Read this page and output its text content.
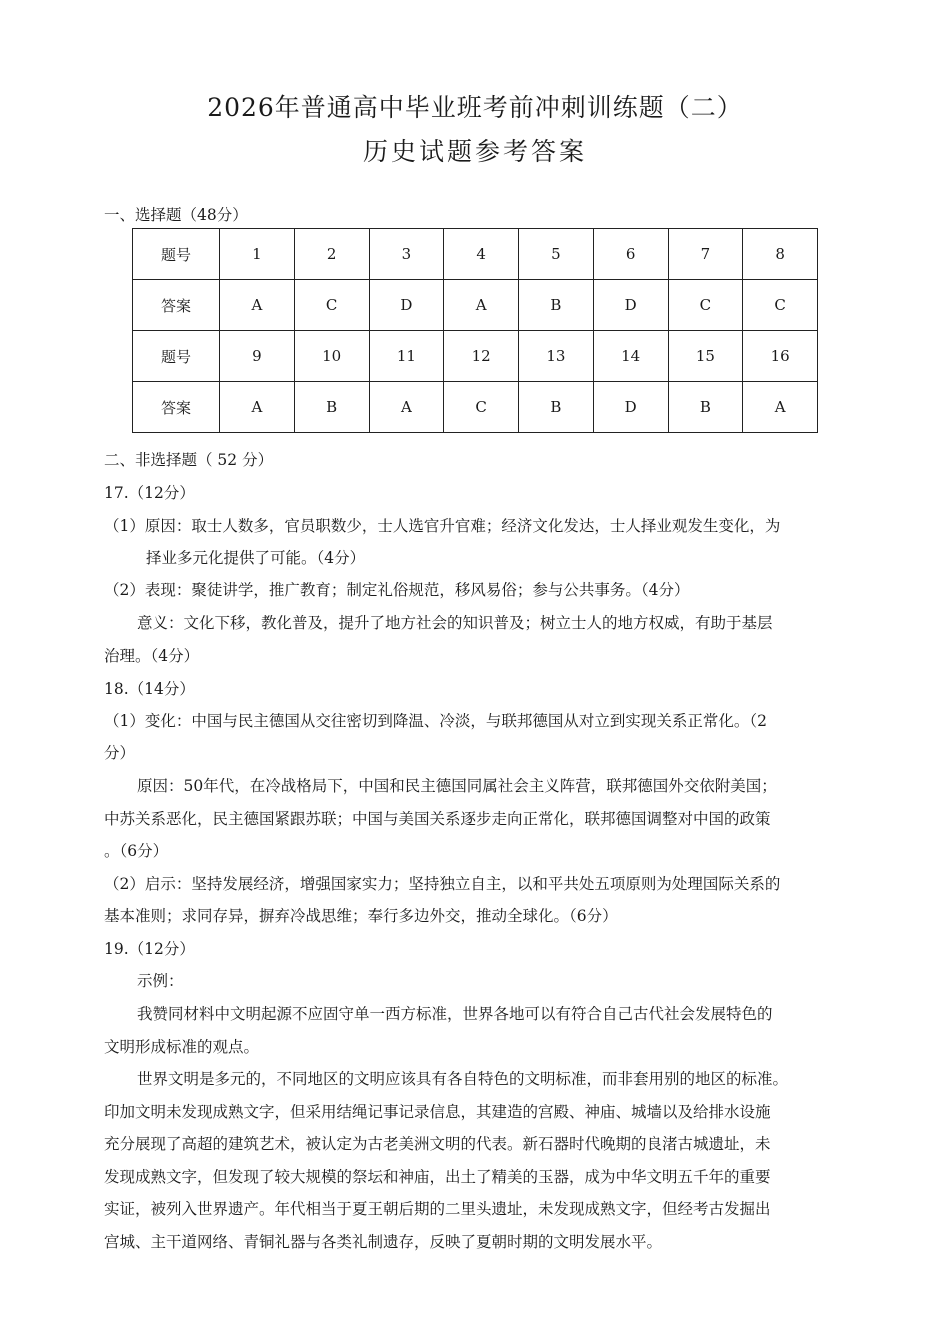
2026年普通高中毕业班考前冲刺训练题（二）
历史试题参考答案
一、选择题（48分）
题号	1	2	3	4	5	6	7	8
答案	A	C	D	A	B	D	C	C
题号	9	10	11	12	13	14	15	16
答案	A	B	A	C	B	D	B	A
二、非选择题（ 52 分）
17.（12分）
（1）原因：取士人数多，官员职数少，士人选官升官难；经济文化发达，士人择业观发生变化，为
择业多元化提供了可能。（4分）
（2）表现：聚徒讲学，推广教育；制定礼俗规范，移风易俗；参与公共事务。（4分）
意义：文化下移，教化普及，提升了地方社会的知识普及；树立士人的地方权威，有助于基层
治理。（4分）
18.（14分）
（1）变化：中国与民主德国从交往密切到降温、冷淡，与联邦德国从对立到实现关系正常化。（2
分）
原因：50年代，在冷战格局下，中国和民主德国同属社会主义阵营，联邦德国外交依附美国；
中苏关系恶化，民主德国紧跟苏联；中国与美国关系逐步走向正常化，联邦德国调整对中国的政策
。（6分）
（2）启示：坚持发展经济，增强国家实力；坚持独立自主，以和平共处五项原则为处理国际关系的
基本准则；求同存异，摒弃冷战思维；奉行多边外交，推动全球化。（6分）
19.（12分）
示例：
我赞同材料中文明起源不应固守单一西方标准，世界各地可以有符合自己古代社会发展特色的
文明形成标准的观点。
世界文明是多元的，不同地区的文明应该具有各自特色的文明标准，而非套用别的地区的标准。
印加文明未发现成熟文字，但采用结绳记事记录信息，其建造的宫殿、神庙、城墙以及给排水设施
充分展现了高超的建筑艺术，被认定为古老美洲文明的代表。新石器时代晚期的良渚古城遗址，未
发现成熟文字，但发现了较大规模的祭坛和神庙，出土了精美的玉器，成为中华文明五千年的重要
实证，被列入世界遗产。年代相当于夏王朝后期的二里头遗址，未发现成熟文字，但经考古发掘出
宫城、主干道网络、青铜礼器与各类礼制遗存，反映了夏朝时期的文明发展水平。
